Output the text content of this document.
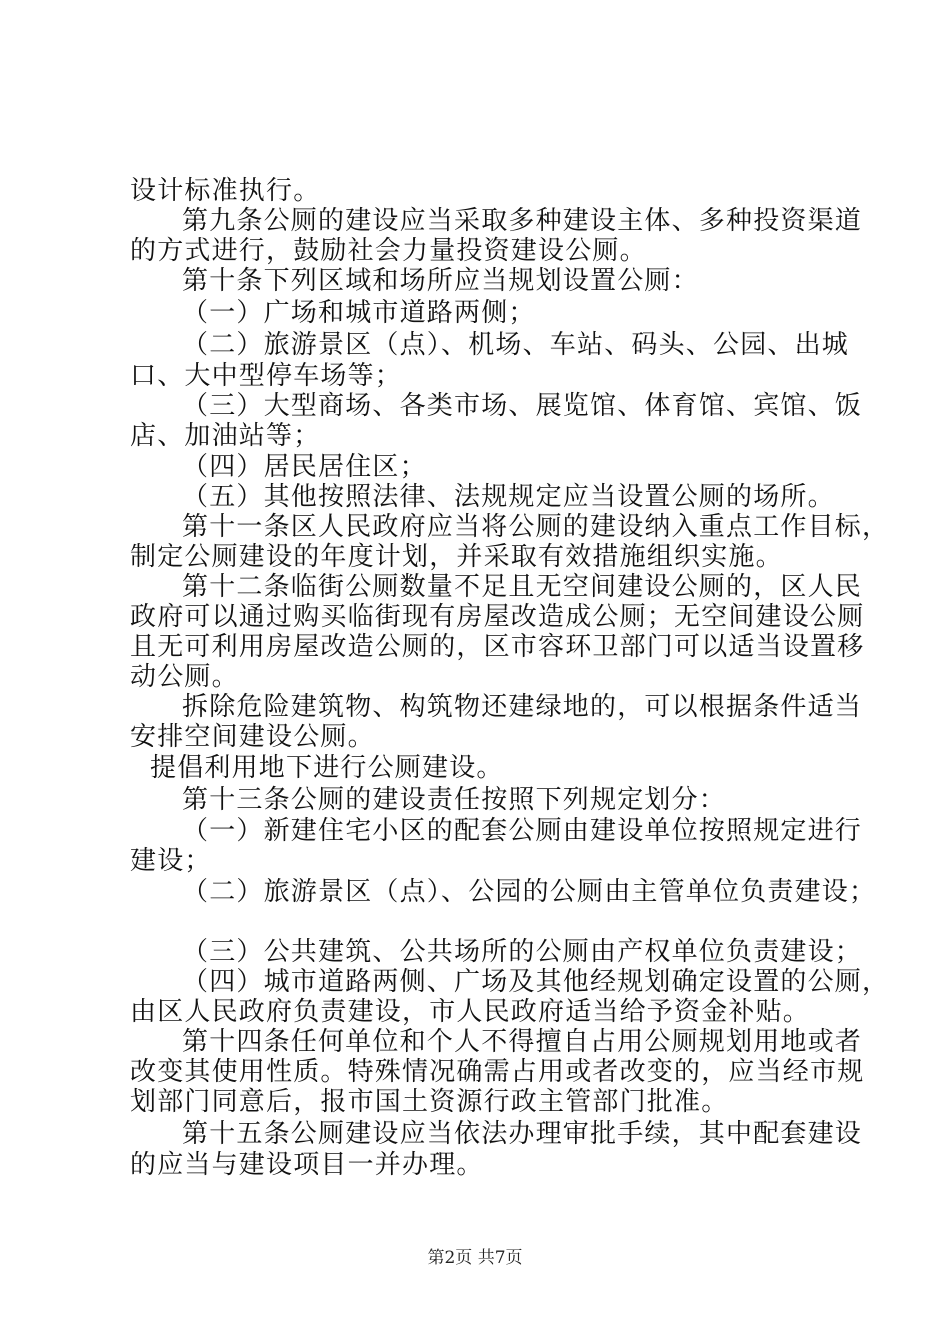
设计标准执行。
第九条公厕的建设应当采取多种建设主体、多种投资渠道
的方式进行，鼓励社会力量投资建设公厕。
第十条下列区域和场所应当规划设置公厕：
（一）广场和城市道路两侧；
（二）旅游景区（点）、机场、车站、码头、公园、出城
口、大中型停车场等；
（三）大型商场、各类市场、展览馆、体育馆、宾馆、饭
店、加油站等；
（四）居民居住区；
（五）其他按照法律、法规规定应当设置公厕的场所。
第十一条区人民政府应当将公厕的建设纳入重点工作目标，
制定公厕建设的年度计划，并采取有效措施组织实施。
第十二条临街公厕数量不足且无空间建设公厕的，区人民
政府可以通过购买临街现有房屋改造成公厕；无空间建设公厕
且无可利用房屋改造公厕的，区市容环卫部门可以适当设置移
动公厕。
拆除危险建筑物、构筑物还建绿地的，可以根据条件适当
安排空间建设公厕。
提倡利用地下进行公厕建设。
第十三条公厕的建设责任按照下列规定划分：
（一）新建住宅小区的配套公厕由建设单位按照规定进行
建设；
（二）旅游景区（点）、公园的公厕由主管单位负责建设；
（三）公共建筑、公共场所的公厕由产权单位负责建设；
（四）城市道路两侧、广场及其他经规划确定设置的公厕，
由区人民政府负责建设，市人民政府适当给予资金补贴。
第十四条任何单位和个人不得擅自占用公厕规划用地或者
改变其使用性质。特殊情况确需占用或者改变的，应当经市规
划部门同意后，报市国土资源行政主管部门批准。
第十五条公厕建设应当依法办理审批手续，其中配套建设
的应当与建设项目一并办理。
第2页 共7页
